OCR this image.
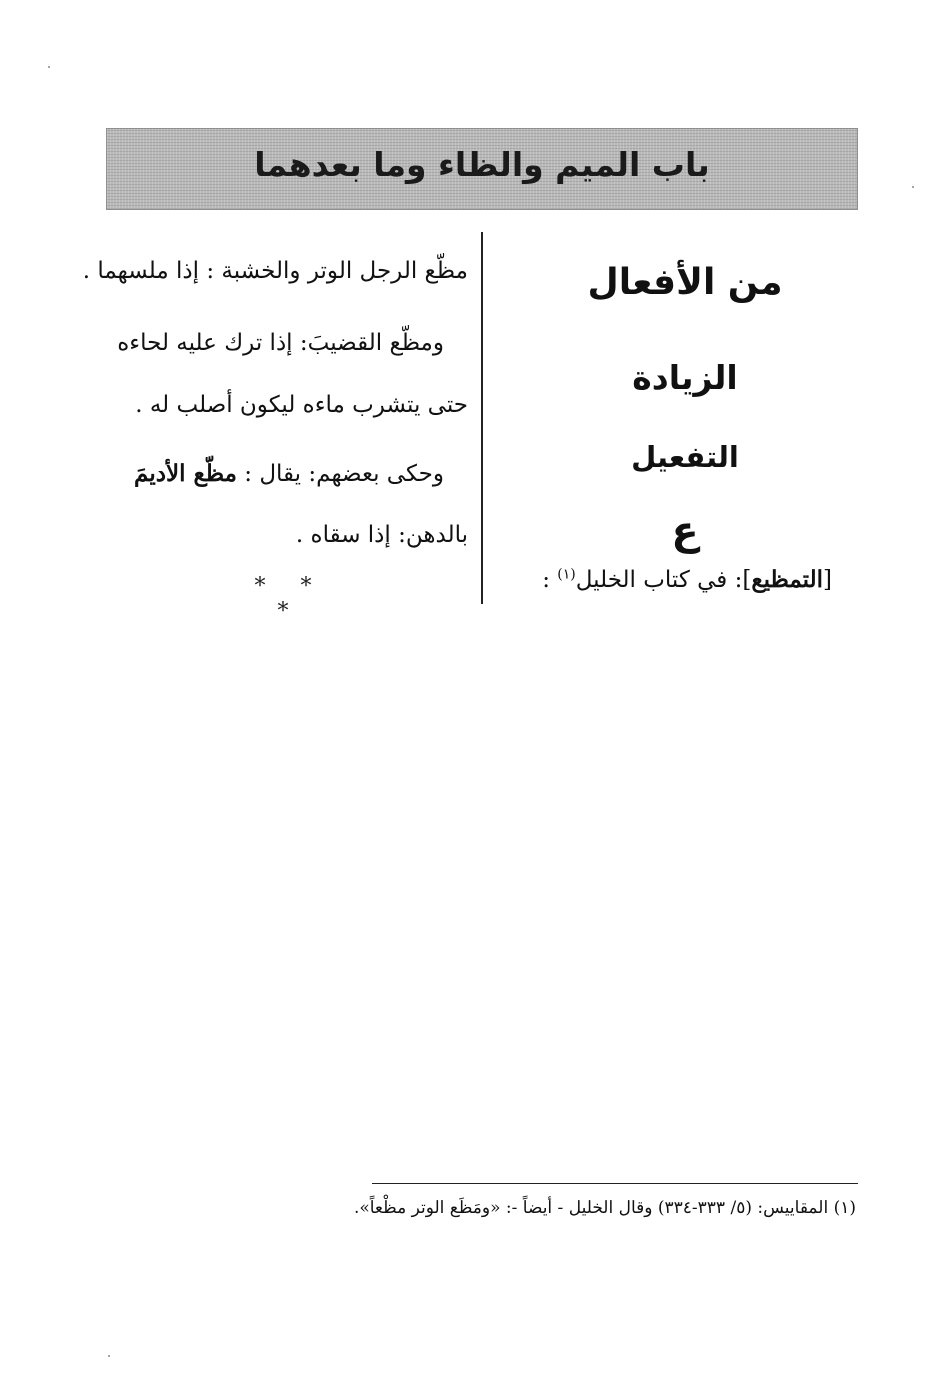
باب الميم والظاء وما بعدهما
من الأفعال
الزيادة
التفعيل
ع
[التمظيع]: في كتاب الخليل$^{(١)}$ :
مظّع الرجل الوتر والخشبة : إذا ملسهما .
ومظّع القضيبَ: إذا ترك عليه لحاءه
حتى يتشرب ماءه ليكون أصلب له .
وحكى بعضهم: يقال : مظّع الأديمَ
بالدهن: إذا سقاه .
* * *
(١) المقاييس: (٥/ ٣٣٣-٣٣٤) وقال الخليل - أيضاً -: «ومَظَع الوتر مظْعاً».
